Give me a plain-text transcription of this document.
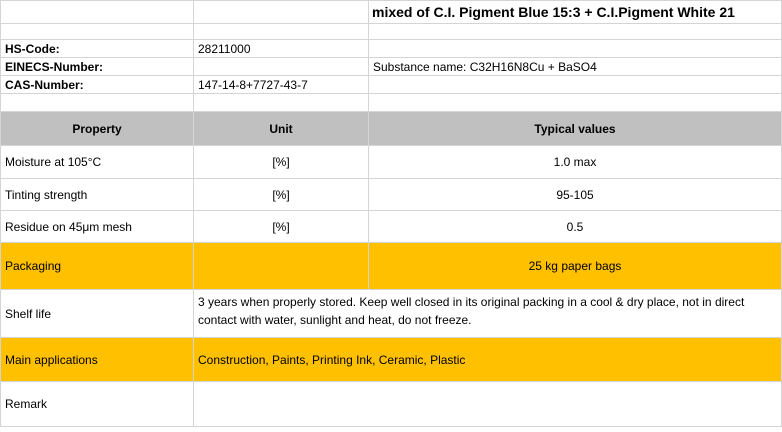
		mixed of C.I. Pigment Blue 15:3 + C.I.Pigment White 21

HS-Code:	28211000	
EINECS-Number:		Substance name: C32H16N8Cu + BaSO4
CAS-Number:	147-14-8+7727-43-7	

Property	Unit	Typical values
Moisture at 105°C	[%]	1.0 max
Tinting strength	[%]	95-105
Residue on 45μm mesh	[%]	0.5
Packaging		25 kg paper bags
Shelf life	3 years when properly stored. Keep well closed in its original packing in a cool & dry place, not in direct contact with water, sunlight and heat, do not freeze.	
Main applications	Construction, Paints, Printing Ink, Ceramic, Plastic	
Remark		
